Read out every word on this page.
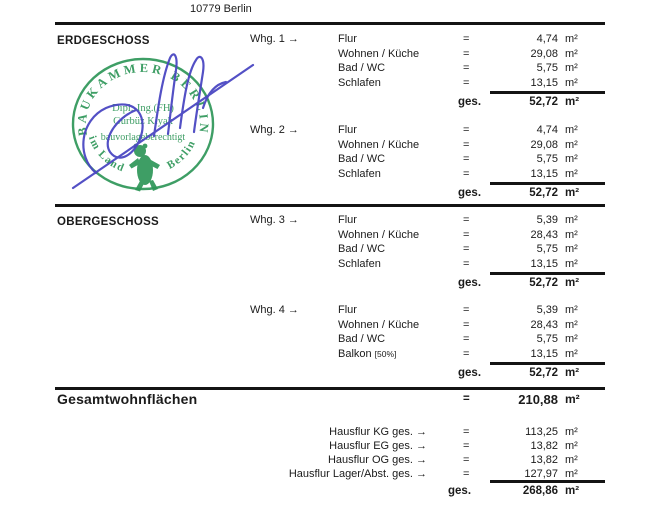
10779 Berlin
ERDGESCHOSS
OBERGESCHOSS
BAUKAMMER BERLIN
im Land	Berlin
Dipl.-Ing.(FH)
Gürbüz Kiyak
bauvorlageberechtigt
Whg. 1 →	Flur	=	4,74 m²
Wohnen / Küche	=	29,08 m²
Bad / WC	=	5,75 m²
Schlafen	=	13,15 m²
ges.	52,72 m²
Whg. 2 →	Flur	=	4,74 m²
Wohnen / Küche	=	29,08 m²
Bad / WC	=	5,75 m²
Schlafen	=	13,15 m²
ges.	52,72 m²
Whg. 3 →	Flur	=	5,39 m²
Wohnen / Küche	=	28,43 m²
Bad / WC	=	5,75 m²
Schlafen	=	13,15 m²
ges.	52,72 m²
Whg. 4 →	Flur	=	5,39 m²
Wohnen / Küche	=	28,43 m²
Bad / WC	=	5,75 m²
Balkon [50%]	=	13,15 m²
ges.	52,72 m²
Gesamtwohnflächen	=	210,88 m²
Hausflur KG ges. →	=	113,25 m²
Hausflur EG ges. →	=	13,82 m²
Hausflur OG ges. →	=	13,82 m²
Hausflur Lager/Abst. ges. →	=	127,97 m²
ges.	268,86 m²
